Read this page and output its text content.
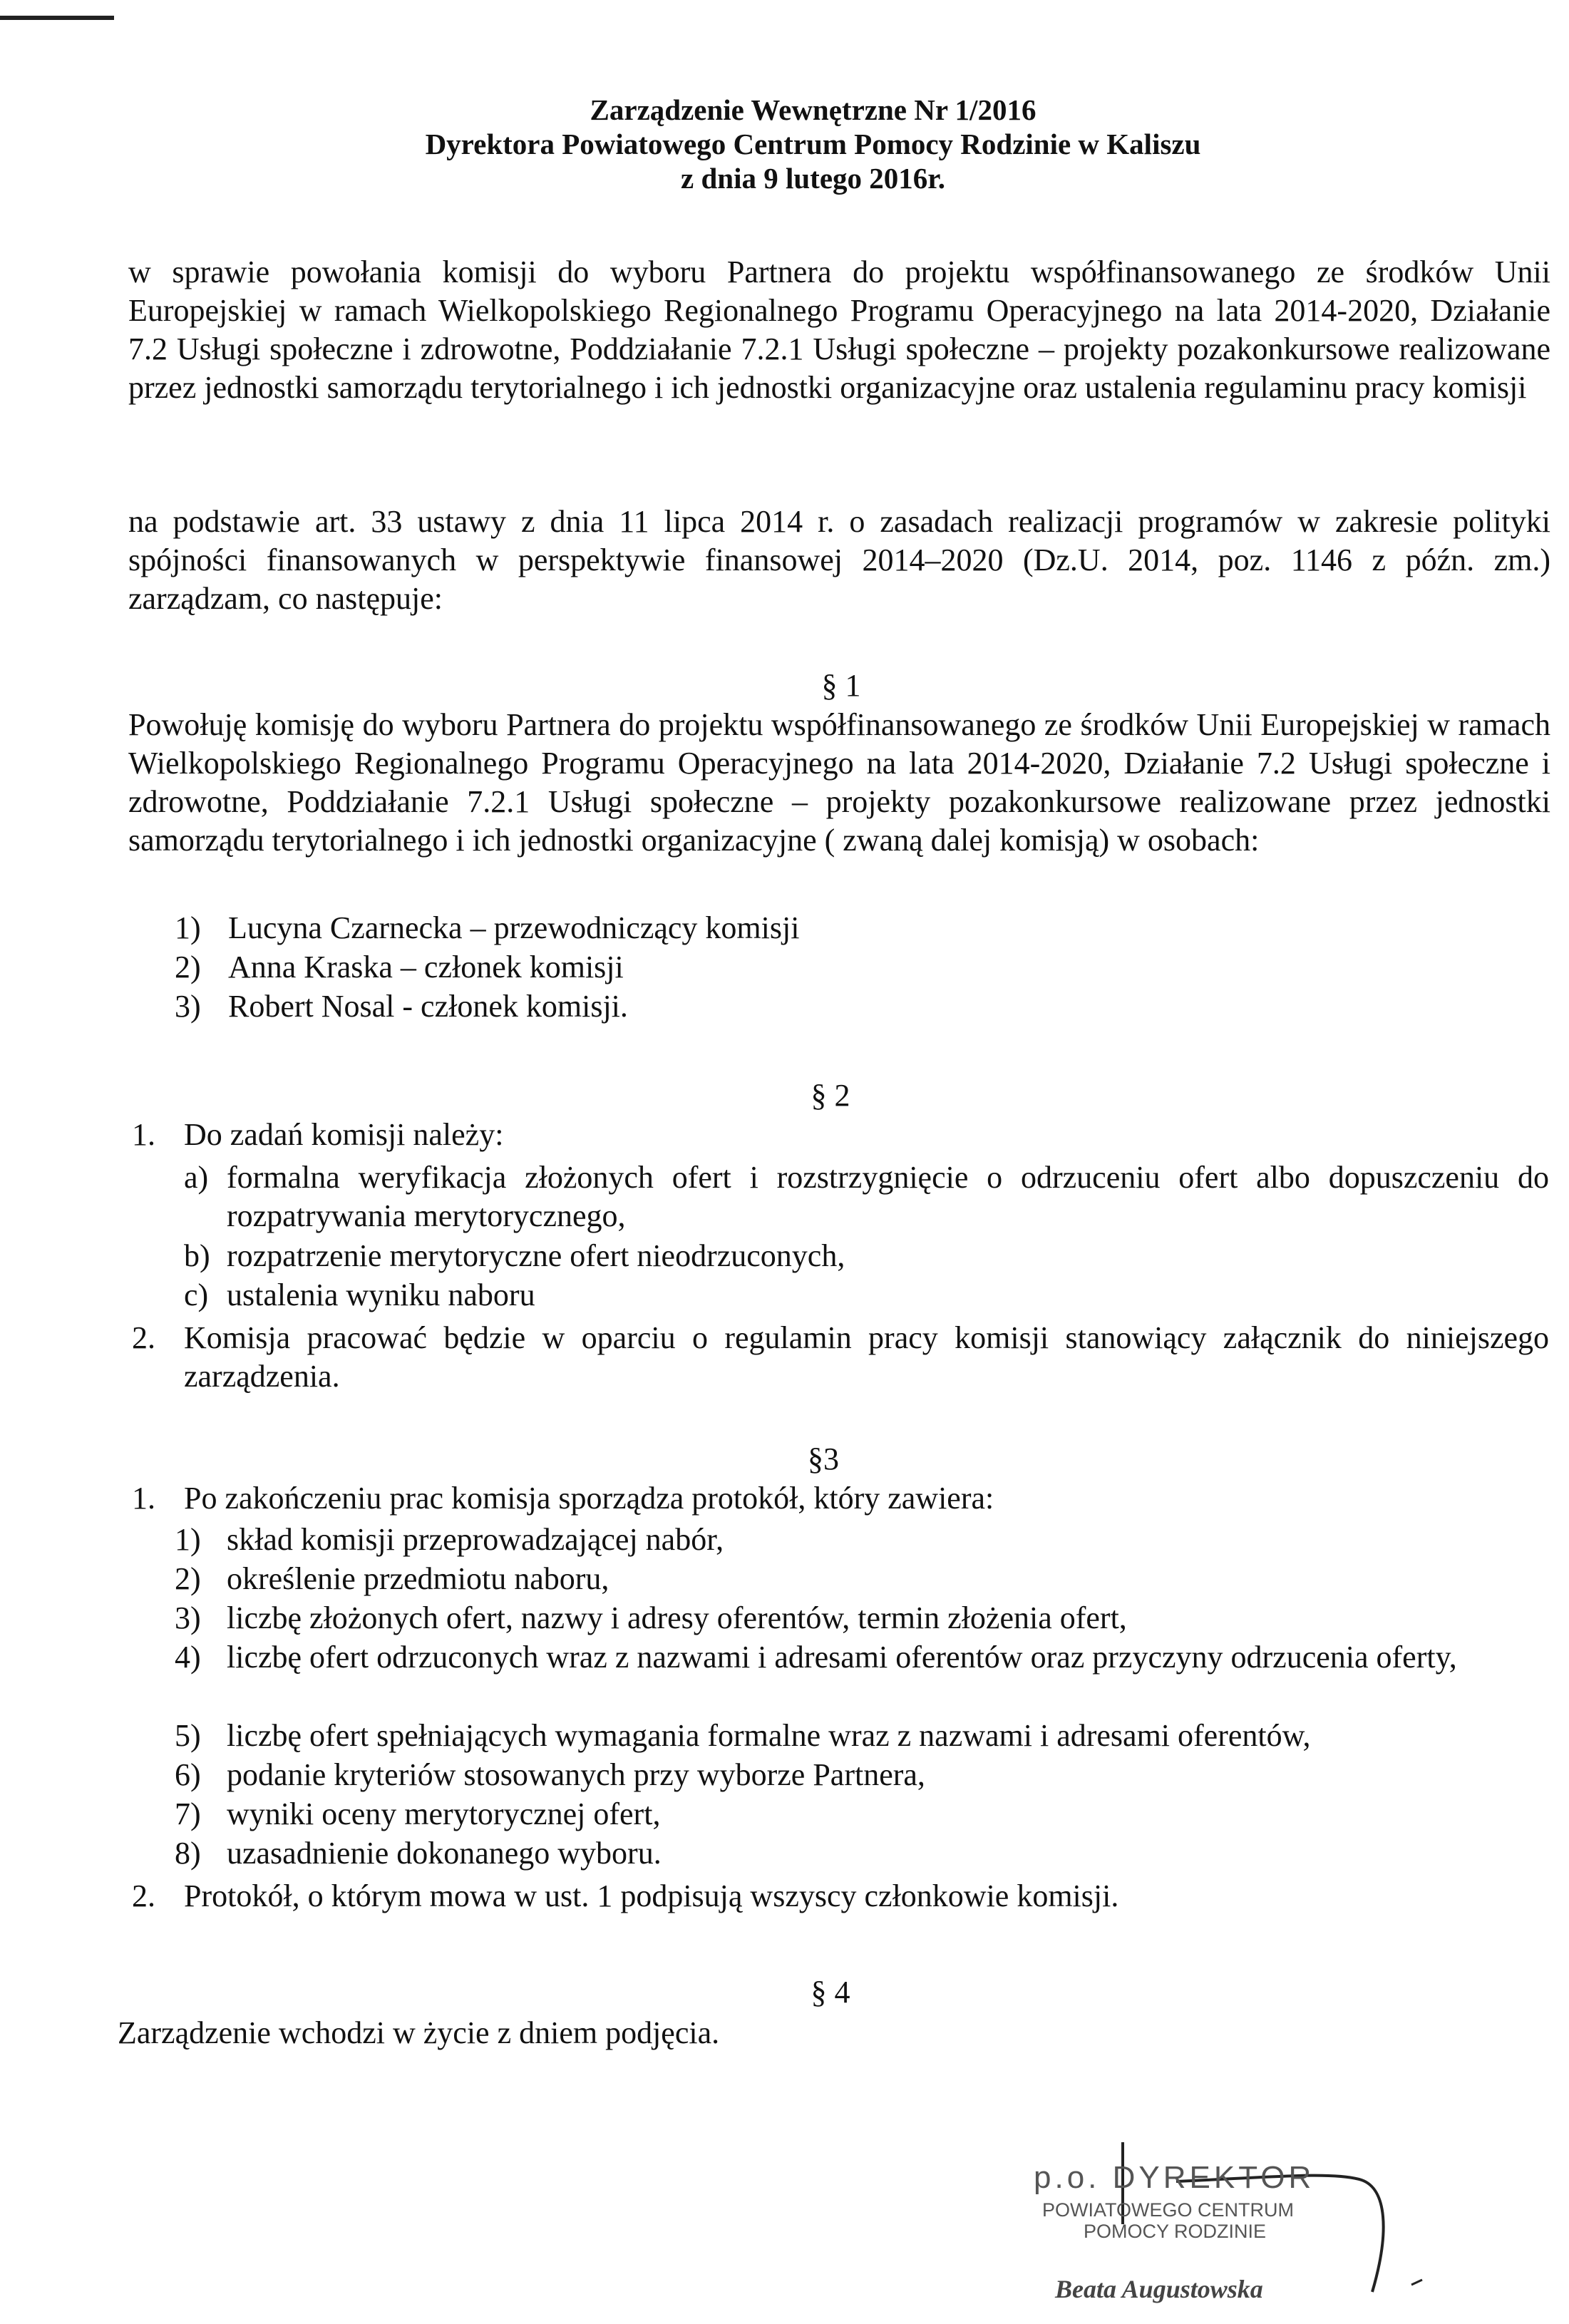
Zarządzenie Wewnętrzne Nr 1/2016
Dyrektora Powiatowego Centrum Pomocy Rodzinie w Kaliszu
z dnia 9 lutego 2016r.
w sprawie powołania komisji do wyboru Partnera do projektu współfinansowanego ze środków Unii Europejskiej w ramach Wielkopolskiego Regionalnego Programu Operacyjnego na lata 2014-2020, Działanie 7.2 Usługi społeczne i zdrowotne, Poddziałanie 7.2.1 Usługi społeczne – projekty pozakonkursowe realizowane przez jednostki samorządu terytorialnego i ich jednostki organizacyjne oraz ustalenia regulaminu pracy komisji
na podstawie art. 33 ustawy z dnia 11 lipca 2014 r. o zasadach realizacji programów w zakresie polityki spójności finansowanych w perspektywie finansowej 2014–2020 (Dz.U. 2014, poz. 1146 z późn. zm.) zarządzam, co następuje:
§ 1
Powołuję komisję do wyboru Partnera do projektu współfinansowanego ze środków Unii Europejskiej w ramach Wielkopolskiego Regionalnego Programu Operacyjnego na lata 2014-2020, Działanie 7.2 Usługi społeczne i zdrowotne, Poddziałanie 7.2.1 Usługi społeczne – projekty pozakonkursowe realizowane przez jednostki samorządu terytorialnego i ich jednostki organizacyjne ( zwaną dalej komisją) w osobach:
1) Lucyna Czarnecka – przewodniczący komisji
2) Anna Kraska – członek komisji
3) Robert Nosal - członek komisji.
§ 2
1. Do zadań komisji należy:
a) formalna weryfikacja złożonych ofert i rozstrzygnięcie o odrzuceniu ofert albo dopuszczeniu do rozpatrywania merytorycznego,
b) rozpatrzenie merytoryczne ofert nieodrzuconych,
c) ustalenia wyniku naboru
2. Komisja pracować będzie w oparciu o regulamin pracy komisji stanowiący załącznik do niniejszego zarządzenia.
§3
1. Po zakończeniu prac komisja sporządza protokół, który zawiera:
1) skład komisji przeprowadzającej nabór,
2) określenie przedmiotu naboru,
3) liczbę złożonych ofert, nazwy i adresy oferentów, termin złożenia ofert,
4) liczbę ofert odrzuconych wraz z nazwami i adresami oferentów oraz przyczyny odrzucenia oferty,
5) liczbę ofert spełniających wymagania formalne wraz z nazwami i adresami oferentów,
6) podanie kryteriów stosowanych przy wyborze Partnera,
7) wyniki oceny merytorycznej ofert,
8) uzasadnienie dokonanego wyboru.
2. Protokół, o którym mowa w ust. 1 podpisują wszyscy członkowie komisji.
§ 4
Zarządzenie wchodzi w życie z dniem podjęcia.
p.o. DYREKTOR
POWIATOWEGO CENTRUM
POMOCY RODZINIE
Beata Augustowska
